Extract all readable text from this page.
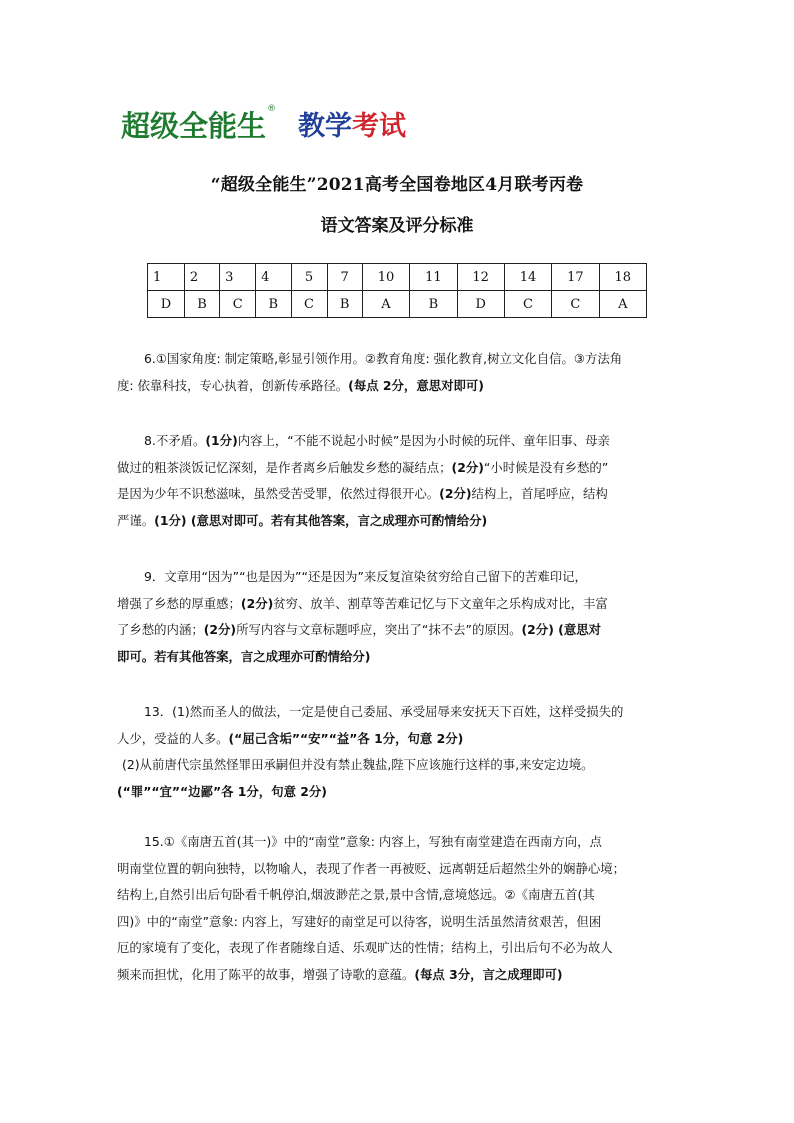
超级全能生®教学考试
“超级全能生”2021高考全国卷地区4月联考丙卷
语文答案及评分标准
1	2	3	4	5	7	10	11	12	14	17	18
D	B	C	B	C	B	A	B	D	C	C	A
6.①国家角度: 制定策略,彰显引领作用。②教育角度: 强化教育,树立文化自信。③方法角
度: 依靠科技，专心执着，创新传承路径。(每点 2分，意思对即可)
8.不矛盾。(1分)内容上，“不能不说起小时候”是因为小时候的玩伴、童年旧事、母亲
做过的粗茶淡饭记忆深刻，是作者离乡后触发乡愁的凝结点；(2分)“小时候是没有乡愁的”
是因为少年不识愁滋味，虽然受苦受罪，依然过得很开心。(2分)结构上，首尾呼应，结构
严谨。(1分) (意思对即可。若有其他答案，言之成理亦可酌情给分)
9．文章用“因为”“也是因为”“还是因为”来反复渲染贫穷给自己留下的苦难印记，
增强了乡愁的厚重感；(2分)贫穷、放羊、割草等苦难记忆与下文童年之乐构成对比，丰富
了乡愁的内涵；(2分)所写内容与文章标题呼应，突出了“抹不去”的原因。(2分) (意思对
即可。若有其他答案，言之成理亦可酌情给分)
13．(1)然而圣人的做法，一定是使自己委屈、承受屈辱来安抚天下百姓，这样受损失的
人少，受益的人多。(“屈己含垢”“安”“益”各 1分，句意 2分)
(2)从前唐代宗虽然怪罪田承嗣但并没有禁止魏盐,陛下应该施行这样的事,来安定边境。
(“罪”“宜”“边鄙”各 1分，句意 2分)
15.①《南唐五首(其一)》中的“南堂”意象: 内容上，写独有南堂建造在西南方向，点
明南堂位置的朝向独特，以物喻人，表现了作者一再被贬、远离朝廷后超然尘外的娴静心境；
结构上,自然引出后句卧看千帆停泊,烟波渺茫之景,景中含情,意境悠远。②《南唐五首(其
四)》中的“南堂”意象: 内容上，写建好的南堂足可以待客，说明生活虽然清贫艰苦，但困
厄的家境有了变化，表现了作者随缘自适、乐观旷达的性情；结构上，引出后句不必为故人
频来而担忧，化用了陈平的故事，增强了诗歌的意蕴。(每点 3分，言之成理即可)
